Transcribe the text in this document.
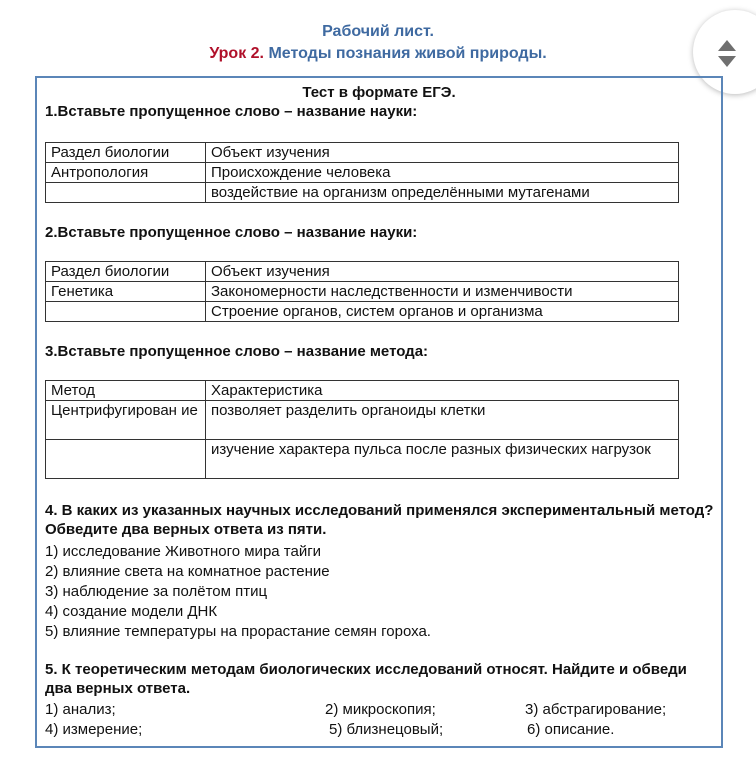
Рабочий лист.
Урок 2. Методы познания живой природы.
Тест в формате ЕГЭ.
1.Вставьте пропущенное слово – название науки:
Раздел биологии	Объект изучения
Антропология	Происхождение человека
	воздействие на организм определёнными мутагенами
2.Вставьте пропущенное слово – название науки:
Раздел биологии	Объект изучения
Генетика	Закономерности наследственности и изменчивости
	Строение органов, систем органов и организма
3.Вставьте пропущенное слово – название метода:
Метод	Характеристика
Центрифугирован ие	позволяет разделить органоиды клетки
	изучение характера пульса после разных физических нагрузок
4. В каких из указанных научных исследований применялся экспериментальный метод? Обведите два верных ответа из пяти.
1) исследование Животного мира тайги
2) влияние света на комнатное растение
3) наблюдение за полётом птиц
4) создание модели ДНК
5) влияние температуры на прорастание семян гороха.
5. К теоретическим методам биологических исследований относят. Найдите и обведи два верных ответа.
1) анализ;	2) микроскопия;	3) абстрагирование;
4) измерение;	5) близнецовый;	6) описание.
